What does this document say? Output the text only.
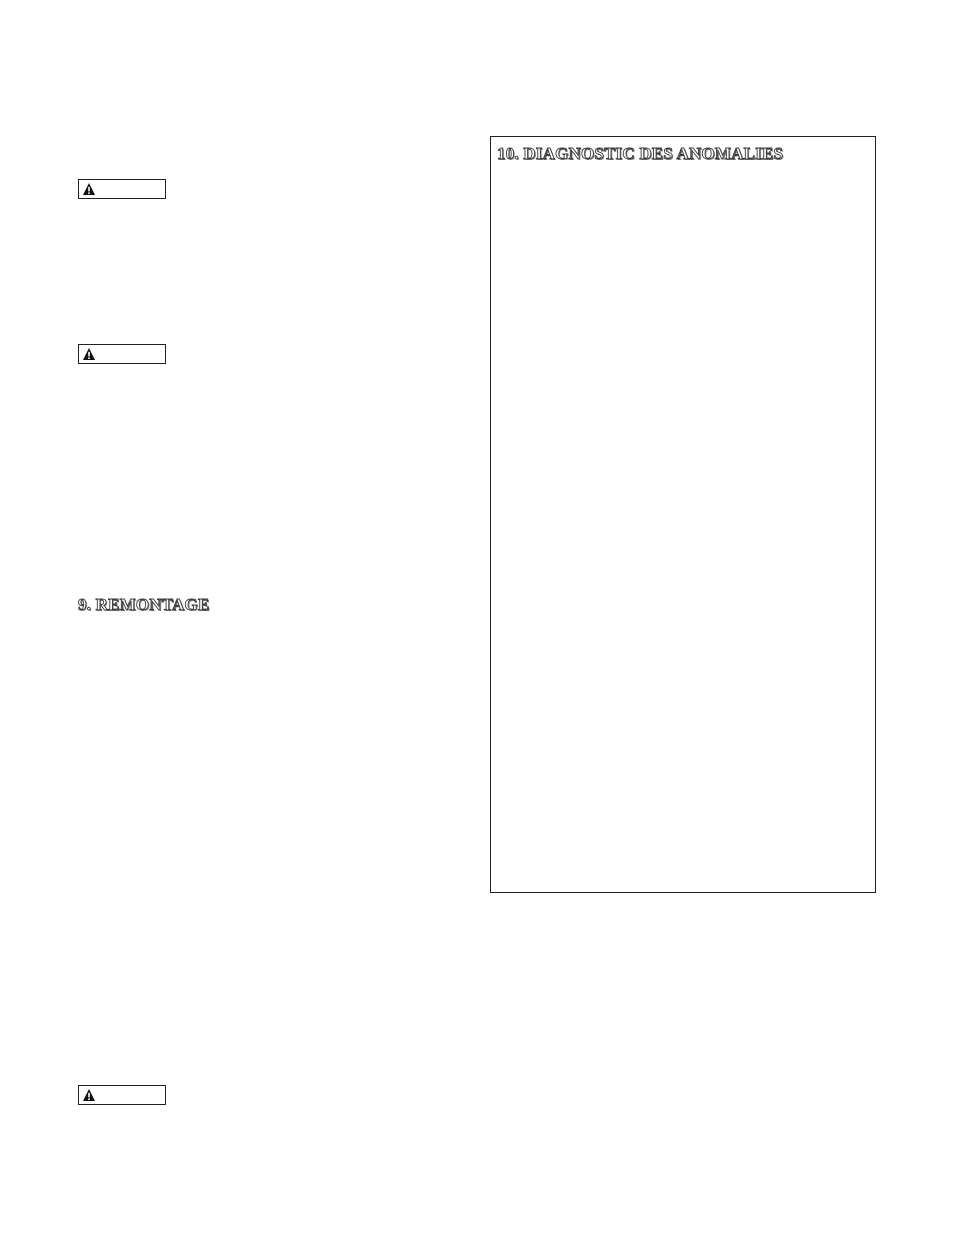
9. REMONTAGE
10. DIAGNOSTIC DES ANOMALIES
